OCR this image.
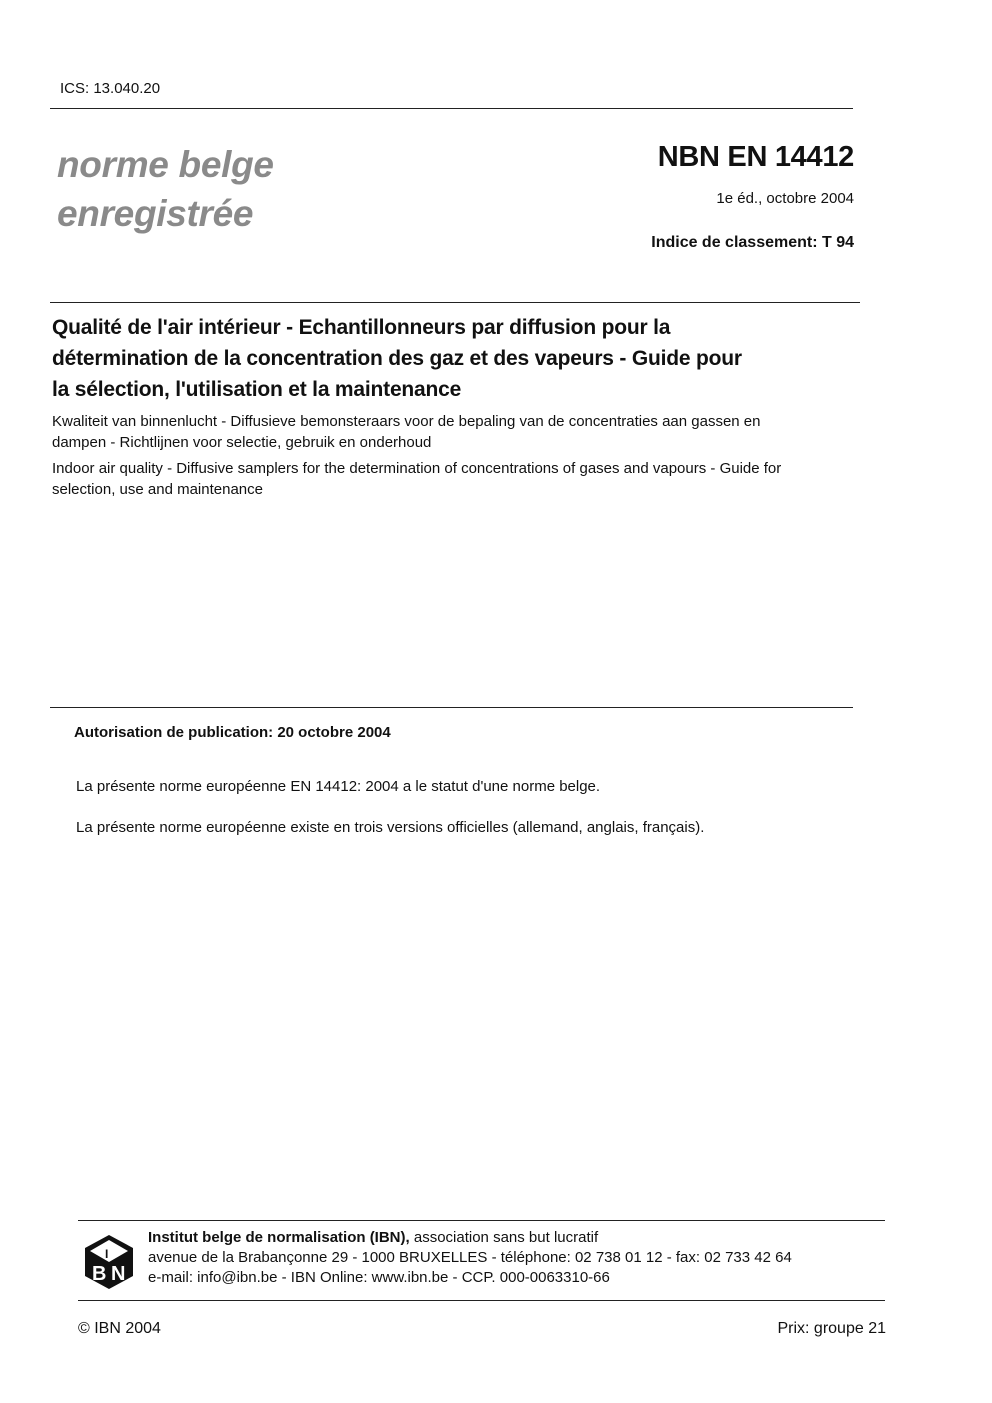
ICS: 13.040.20
norme belge
enregistrée
NBN EN 14412
1e éd., octobre 2004
Indice de classement: T 94
Qualité de l'air intérieur - Echantillonneurs par diffusion pour la
détermination de la concentration des gaz et des vapeurs - Guide pour
la sélection, l'utilisation et la maintenance
Kwaliteit van binnenlucht - Diffusieve bemonsteraars voor de bepaling van de concentraties aan gassen en
dampen - Richtlijnen voor selectie, gebruik en onderhoud
Indoor air quality - Diffusive samplers for the determination of concentrations of gases and vapours - Guide for
selection, use and maintenance
Autorisation de publication: 20 octobre 2004
La présente norme européenne EN 14412: 2004 a le statut d'une norme belge.
La présente norme européenne existe en trois versions officielles (allemand, anglais, français).
B N
I
Institut belge de normalisation (IBN), association sans but lucratif
avenue de la Brabançonne 29 - 1000 BRUXELLES - téléphone: 02 738 01 12 - fax: 02 733 42 64
e-mail: info@ibn.be - IBN Online: www.ibn.be - CCP. 000-0063310-66
© IBN 2004	Prix: groupe 21
